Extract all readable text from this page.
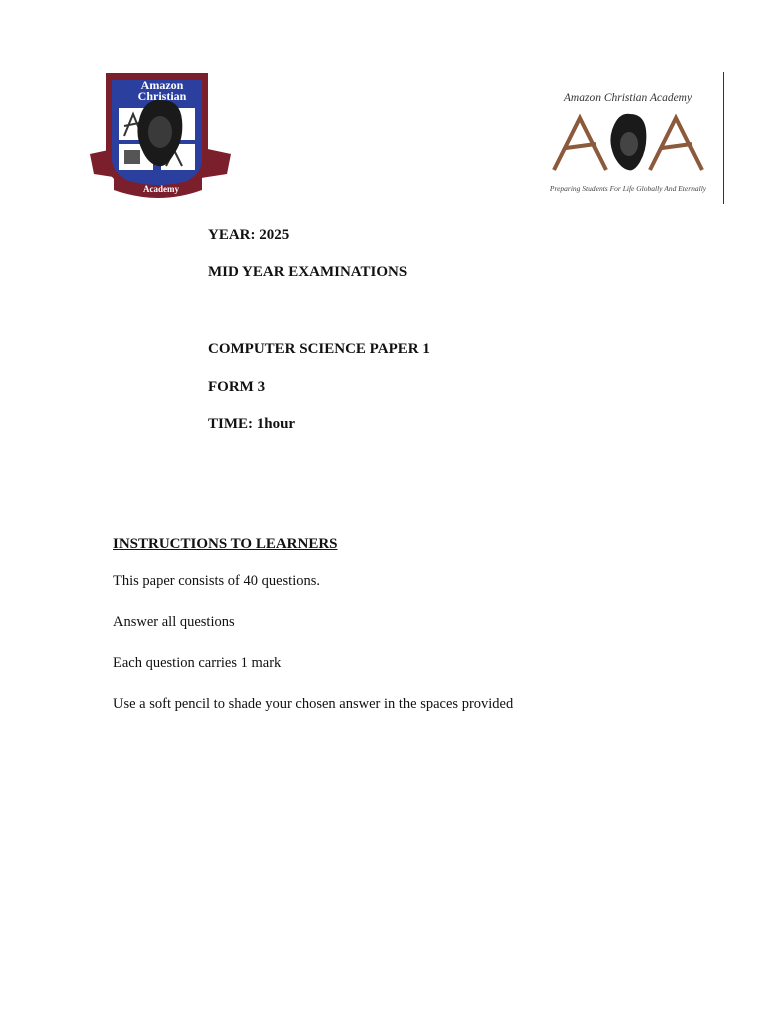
Amazon
Christian
Academy
Amazon Christian Academy
Preparing Students For Life Globally And Eternally
YEAR: 2025
MID YEAR EXAMINATIONS
COMPUTER SCIENCE PAPER 1
FORM 3
TIME: 1hour
INSTRUCTIONS TO LEARNERS
This paper consists of 40 questions.
Answer all questions
Each question carries 1 mark
Use a soft pencil to shade your chosen answer in the spaces provided
